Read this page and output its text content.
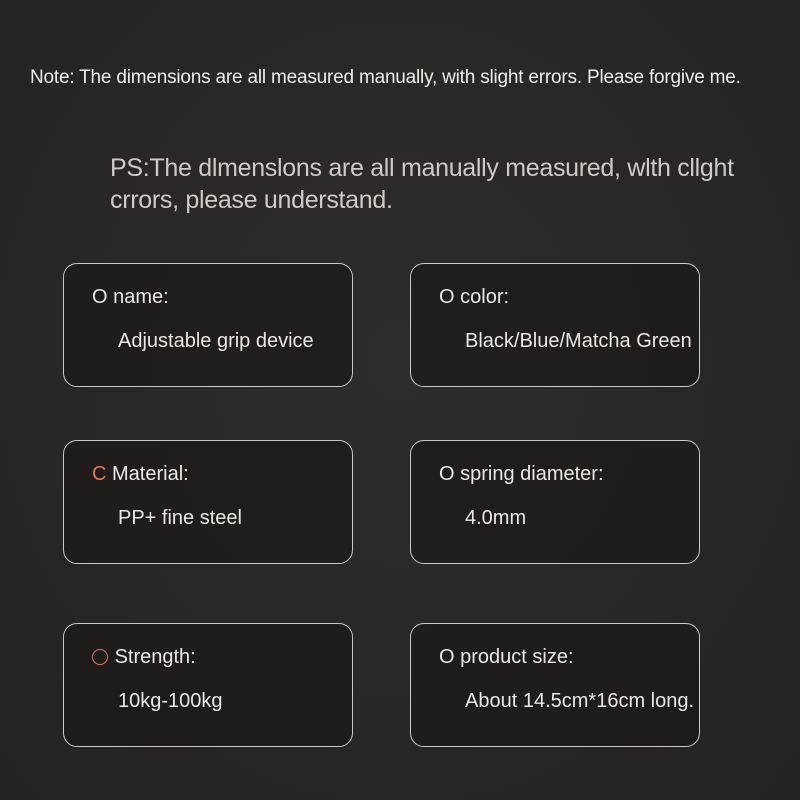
Note: The dimensions are all measured manually, with slight errors. Please forgive me.
PS:The dlmenslons are all manually measured, wlth cllght crrors, please understand.
O name:
Adjustable grip device
O color:
Black/Blue/Matcha Green
C Material:
PP+ fine steel
O spring diameter:
4.0mm
Strength:
10kg-100kg
O product size:
About 14.5cm*16cm long.
